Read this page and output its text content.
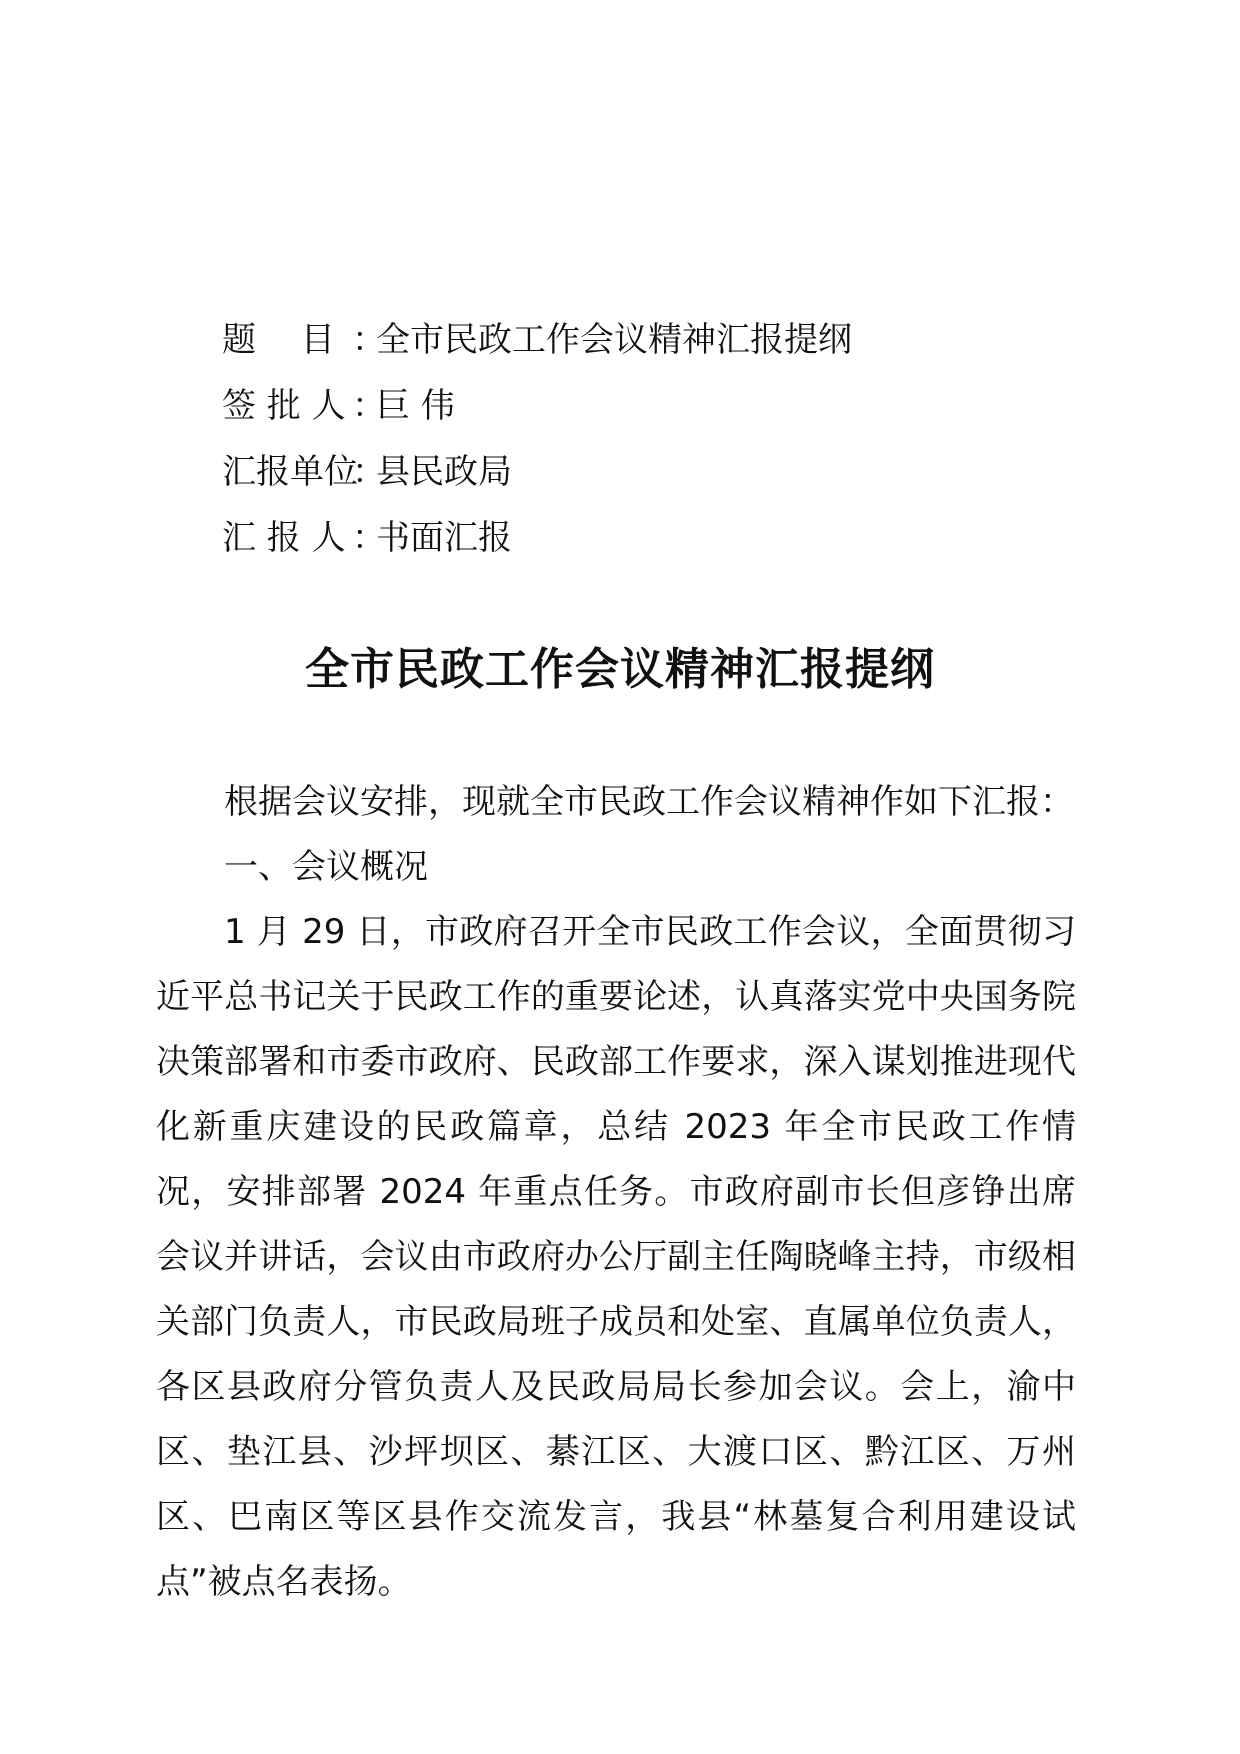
题　 目 ：全市民政工作会议精神汇报提纲
签 批 人 ：巨 伟
汇报单位：县民政局
汇 报 人 ：书面汇报
全市民政工作会议精神汇报提纲

根据会议安排，现就全市民政工作会议精神作如下汇报：

一、会议概况

1 月 29 日，市政府召开全市民政工作会议，全面贯彻习近平总书记关于民政工作的重要论述，认真落实党中央国务院决策部署和市委市政府、民政部工作要求，深入谋划推进现代化新重庆建设的民政篇章，总结 2023 年全市民政工作情况，安排部署 2024 年重点任务。市政府副市长但彦铮出席会议并讲话，会议由市政府办公厅副主任陶晓峰主持，市级相关部门负责人，市民政局班子成员和处室、直属单位负责人，各区县政府分管负责人及民政局局长参加会议。会上，渝中区、垫江县、沙坪坝区、綦江区、大渡口区、黔江区、万州区、巴南区等区县作交流发言，我县“林墓复合利用建设试点”被点名表扬。
